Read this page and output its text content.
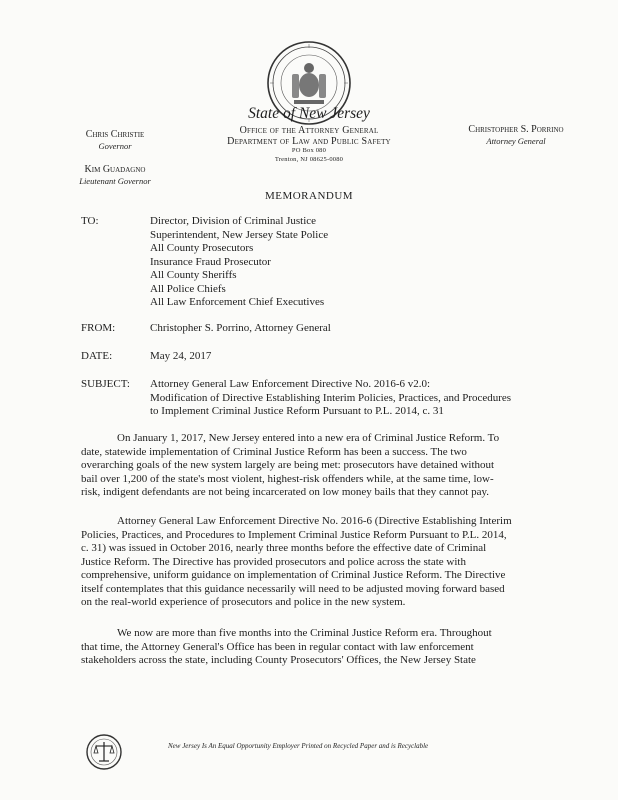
State of New Jersey
Office of the Attorney General
Department of Law and Public Safety
PO Box 080
Trenton, NJ 08625-0080
Chris Christie
Governor
Kim Guadagno
Lieutenant Governor
Christopher S. Porrino
Attorney General
MEMORANDUM
TO:	Director, Division of Criminal Justice
Superintendent, New Jersey State Police
All County Prosecutors
Insurance Fraud Prosecutor
All County Sheriffs
All Police Chiefs
All Law Enforcement Chief Executives
FROM:	Christopher S. Porrino, Attorney General
DATE:	May 24, 2017
SUBJECT: Attorney General Law Enforcement Directive No. 2016-6 v2.0:
Modification of Directive Establishing Interim Policies, Practices, and Procedures
to Implement Criminal Justice Reform Pursuant to P.L. 2014, c. 31
On January 1, 2017, New Jersey entered into a new era of Criminal Justice Reform. To
date, statewide implementation of Criminal Justice Reform has been a success. The two
overarching goals of the new system largely are being met: prosecutors have detained without
bail over 1,200 of the state's most violent, highest-risk offenders while, at the same time, low-
risk, indigent defendants are not being incarcerated on low money bails that they cannot pay.
Attorney General Law Enforcement Directive No. 2016-6 (Directive Establishing Interim
Policies, Practices, and Procedures to Implement Criminal Justice Reform Pursuant to P.L. 2014,
c. 31) was issued in October 2016, nearly three months before the effective date of Criminal
Justice Reform. The Directive has provided prosecutors and police across the state with
comprehensive, uniform guidance on implementation of Criminal Justice Reform. The Directive
itself contemplates that this guidance necessarily will need to be adjusted moving forward based
on the real-world experience of prosecutors and police in the new system.
We now are more than five months into the Criminal Justice Reform era. Throughout
that time, the Attorney General's Office has been in regular contact with law enforcement
stakeholders across the state, including County Prosecutors' Offices, the New Jersey State
New Jersey Is An Equal Opportunity Employer Printed on Recycled Paper and is Recyclable
